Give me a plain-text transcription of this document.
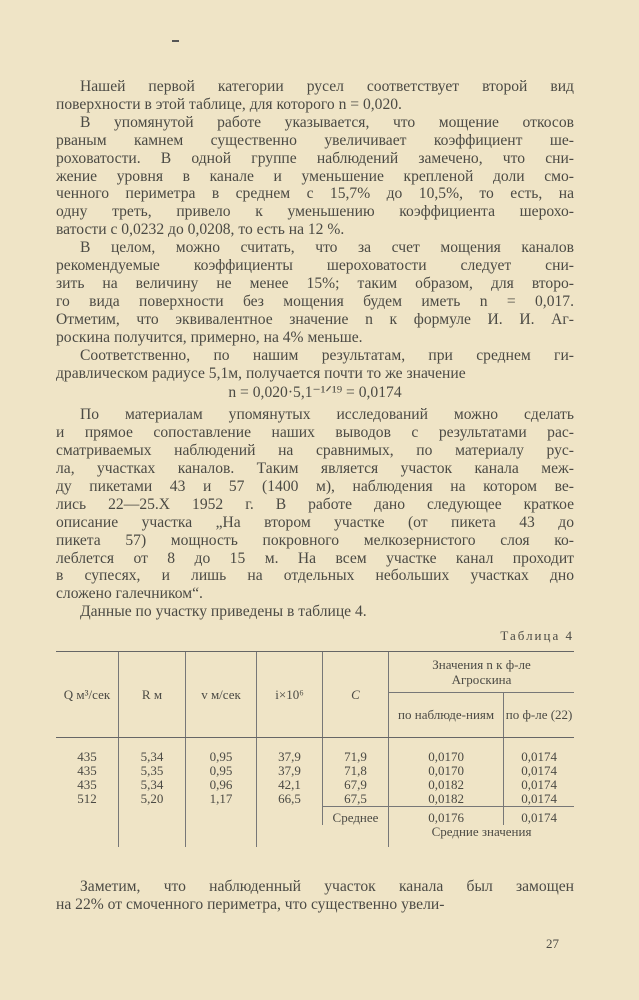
Нашей первой категории русел соответствует второй вид
поверхности в этой таблице, для которого n = 0,020.
В упомянутой работе указывается, что мощение откосов
рваным камнем существенно увеличивает коэффициент ше-
роховатости. В одной группе наблюдений замечено, что сни-
жение уровня в канале и уменьшение крепленой доли смо-
ченного периметра в среднем с 15,7% до 10,5%, то есть, на
одну треть, привело к уменьшению коэффициента шерохо-
ватости с 0,0232 до 0,0208, то есть на 12 %.
В целом, можно считать, что за счет мощения каналов
рекомендуемые коэффициенты шероховатости следует сни-
зить на величину не менее 15%; таким образом, для второ-
го вида поверхности без мощения будем иметь n = 0,017.
Отметим, что эквивалентное значение n к формуле И. И. Аг-
роскина получится, примерно, на 4% меньше.
Соответственно, по нашим результатам, при среднем ги-
дравлическом радиусе 5,1м, получается почти то же значение
n = 0,020·5,1⁻¹ᐟ¹⁹ = 0,0174
По материалам упомянутых исследований можно сделать
и прямое сопоставление наших выводов с результатами рас-
сматриваемых наблюдений на сравнимых, по материалу рус-
ла, участках каналов. Таким является участок канала меж-
ду пикетами 43 и 57 (1400 м), наблюдения на котором ве-
лись 22—25.X 1952 г. В работе дано следующее краткое
описание участка „На втором участке (от пикета 43 до
пикета 57) мощность покровного мелкозернистого слоя ко-
леблется от 8 до 15 м. На всем участке канал проходит
в супесях, и лишь на отдельных небольших участках дно
сложено галечником“.
Данные по участку приведены в таблице 4.
Таблица 4
Q м³/сек	R м	v м/сек	i×10⁶	C	Значения n к ф-ле Агроскина	
					по наблюде-ниям	по ф-ле (22)

435	5,34	0,95	37,9	71,9	0,0170	0,0174
435	5,35	0,95	37,9	71,8	0,0170	0,0174
435	5,34	0,96	42,1	67,9	0,0182	0,0174
512	5,20	1,17	66,5	67,5	0,0182	0,0174
				Среднее	0,0176	0,0174
					Средние значения	
Заметим, что наблюденный участок канала был замощен
на 22% от смоченного периметра, что существенно увели-
27
